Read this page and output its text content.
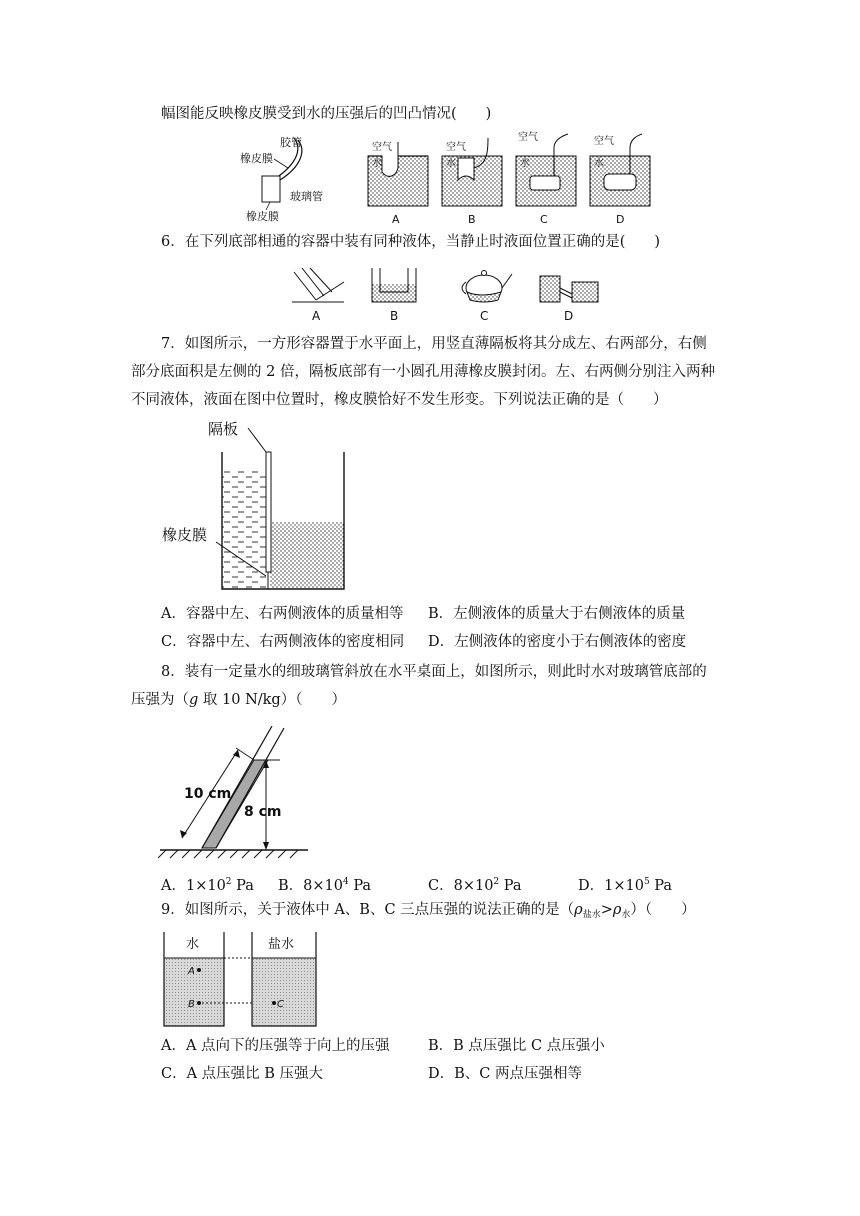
幅图能反映橡皮膜受到水的压强后的凹凸情况(　　)
胶管
橡皮膜
玻璃管
橡皮膜
空气
水
A
空气
水
B
空气
水
C
空气
水
D
6．在下列底部相通的容器中装有同种液体，当静止时液面位置正确的是(　　)
A	B	C	D
7．如图所示，一方形容器置于水平面上，用竖直薄隔板将其分成左、右两部分，右侧
部分底面积是左侧的 2 倍，隔板底部有一小圆孔用薄橡皮膜封闭。左、右两侧分别注入两种
不同液体，液面在图中位置时，橡皮膜恰好不发生形变。下列说法正确的是（　　）
隔板
橡皮膜
A．容器中左、右两侧液体的质量相等 B．左侧液体的质量大于右侧液体的质量
C．容器中左、右两侧液体的密度相同 D．左侧液体的密度小于右侧液体的密度
8．装有一定量水的细玻璃管斜放在水平桌面上，如图所示，则此时水对玻璃管底部的
压强为（g 取 10 N/kg）（　　）
10 cm
8 cm
A．$1\times 10^2$ Pa B．$8\times 10^4$ Pa	C．$8\times 10^2$ Pa	D．$1\times 10^5$ Pa
9．如图所示，关于液体中 A、B、C 三点压强的说法正确的是$(\rho_{盐水}>\rho_水)$（　　）
水	盐水
A
B	C
A．A 点向下的压强等于向上的压强	B．B 点压强比 C 点压强小
C．A 点压强比 B 压强大	D．B、C 两点压强相等
